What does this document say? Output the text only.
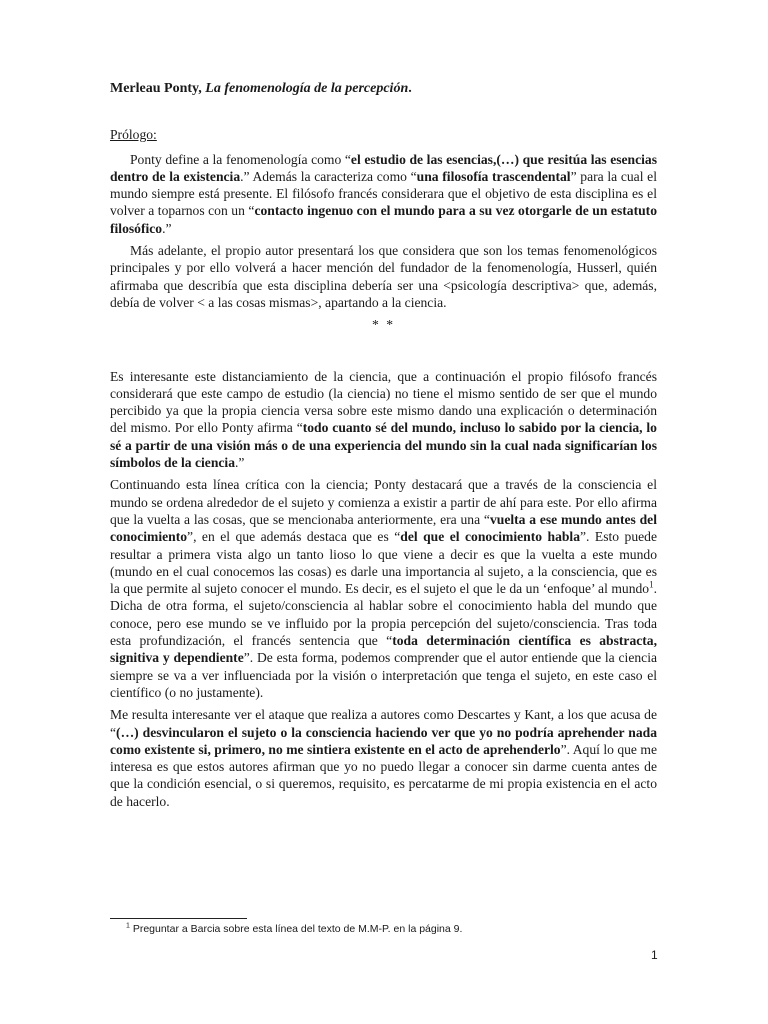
Merleau Ponty, La fenomenología de la percepción.

Prólogo:

Ponty define a la fenomenología como “el estudio de las esencias,(…) que resitúa las esencias dentro de la existencia.” Además la caracteriza como “una filosofía trascendental” para la cual el mundo siempre está presente. El filósofo francés considerara que el objetivo de esta disciplina es el volver a toparnos con un “contacto ingenuo con el mundo para a su vez otorgarle de un estatuto filosófico.”

Más adelante, el propio autor presentará los que considera que son los temas fenomenológicos principales y por ello volverá a hacer mención del fundador de la fenomenología, Husserl, quién afirmaba que describía que esta disciplina debería ser una <psicología descriptiva> que, además, debía de volver < a las cosas mismas>, apartando a la ciencia.

* *

Es interesante este distanciamiento de la ciencia, que a continuación el propio filósofo francés considerará que este campo de estudio (la ciencia) no tiene el mismo sentido de ser que el mundo percibido ya que la propia ciencia versa sobre este mismo dando una explicación o determinación del mismo. Por ello Ponty afirma “todo cuanto sé del mundo, incluso lo sabido por la ciencia, lo sé a partir de una visión más o de una experiencia del mundo sin la cual nada significarían los símbolos de la ciencia.”

Continuando esta línea crítica con la ciencia; Ponty destacará que a través de la consciencia el mundo se ordena alrededor de el sujeto y comienza a existir a partir de ahí para este. Por ello afirma que la vuelta a las cosas, que se mencionaba anteriormente, era una “vuelta a ese mundo antes del conocimiento”, en el que además destaca que es “del que el conocimiento habla”. Esto puede resultar a primera vista algo un tanto lioso lo que viene a decir es que la vuelta a este mundo (mundo en el cual conocemos las cosas) es darle una importancia al sujeto, a la consciencia, que es la que permite al sujeto conocer el mundo. Es decir, es el sujeto el que le da un ‘enfoque’ al mundo$^1$. Dicha de otra forma, el sujeto/consciencia al hablar sobre el conocimiento habla del mundo que conoce, pero ese mundo se ve influido por la propia percepción del sujeto/consciencia. Tras toda esta profundización, el francés sentencia que “toda determinación científica es abstracta, signitiva y dependiente”. De esta forma, podemos comprender que el autor entiende que la ciencia siempre se va a ver influenciada por la visión o interpretación que tenga el sujeto, en este caso el científico (o no justamente).

Me resulta interesante ver el ataque que realiza a autores como Descartes y Kant, a los que acusa de “(…) desvincularon el sujeto o la consciencia haciendo ver que yo no podría aprehender nada como existente si, primero, no me sintiera existente en el acto de aprehenderlo”. Aquí lo que me interesa es que estos autores afirman que yo no puedo llegar a conocer sin darme cuenta antes de que la condición esencial, o si queremos, requisito, es percatarme de mi propia existencia en el acto de hacerlo.

$^1$ Preguntar a Barcia sobre esta línea del texto de M.M-P. en la página 9.
1
